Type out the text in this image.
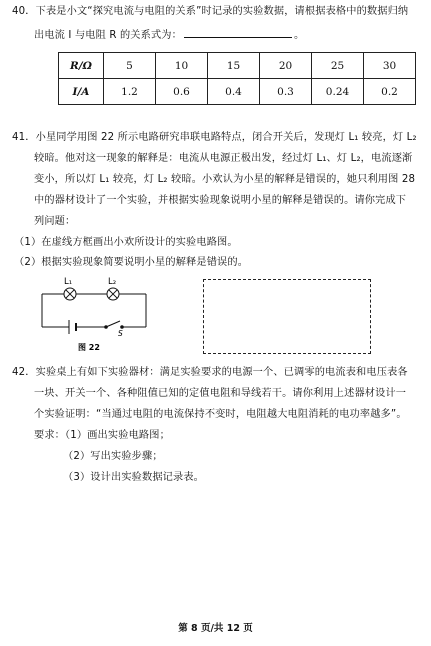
40．下表是小文“探究电流与电阻的关系”时记录的实验数据，请根据表格中的数据归纳
出电流 I 与电阻 R 的关系式为：	。
R/Ω	5	10	15	20	25	30
I/A	1.2	0.6	0.4	0.3	0.24	0.2
41．小星同学用图 22 所示电路研究串联电路特点，闭合开关后，发现灯 L₁ 较亮，灯 L₂
较暗。他对这一现象的解释是：电流从电源正极出发，经过灯 L₁、灯 L₂，电流逐渐
变小，所以灯 L₁ 较亮，灯 L₂ 较暗。小欢认为小星的解释是错误的，她只利用图 28
中的器材设计了一个实验，并根据实验现象说明小星的解释是错误的。请你完成下
列问题：
（1）在虚线方框画出小欢所设计的实验电路图。
（2）根据实验现象简要说明小星的解释是错误的。
L₁	L₂
S
图 22
42．实验桌上有如下实验器材：满足实验要求的电源一个、已调零的电流表和电压表各
一块、开关一个、各种阻值已知的定值电阻和导线若干。请你利用上述器材设计一
个实验证明：“当通过电阻的电流保持不变时，电阻越大电阻消耗的电功率越多”。
要求：（1）画出实验电路图；
（2）写出实验步骤；
（3）设计出实验数据记录表。
第 8 页/共 12 页
